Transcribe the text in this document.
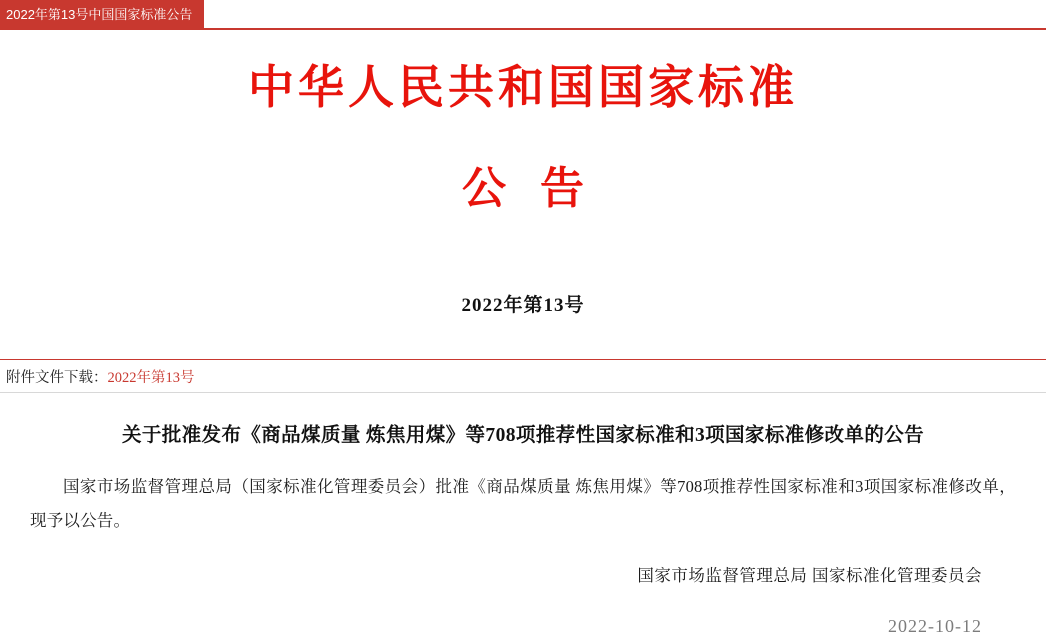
2022年第13号中国国家标准公告
中华人民共和国国家标准
公告
2022年第13号
附件文件下载：2022年第13号
关于批准发布《商品煤质量 炼焦用煤》等708项推荐性国家标准和3项国家标准修改单的公告

国家市场监督管理总局（国家标准化管理委员会）批准《商品煤质量 炼焦用煤》等708项推荐性国家标准和3项国家标准修改单，现予以公告。

国家市场监督管理总局 国家标准化管理委员会
2022-10-12
